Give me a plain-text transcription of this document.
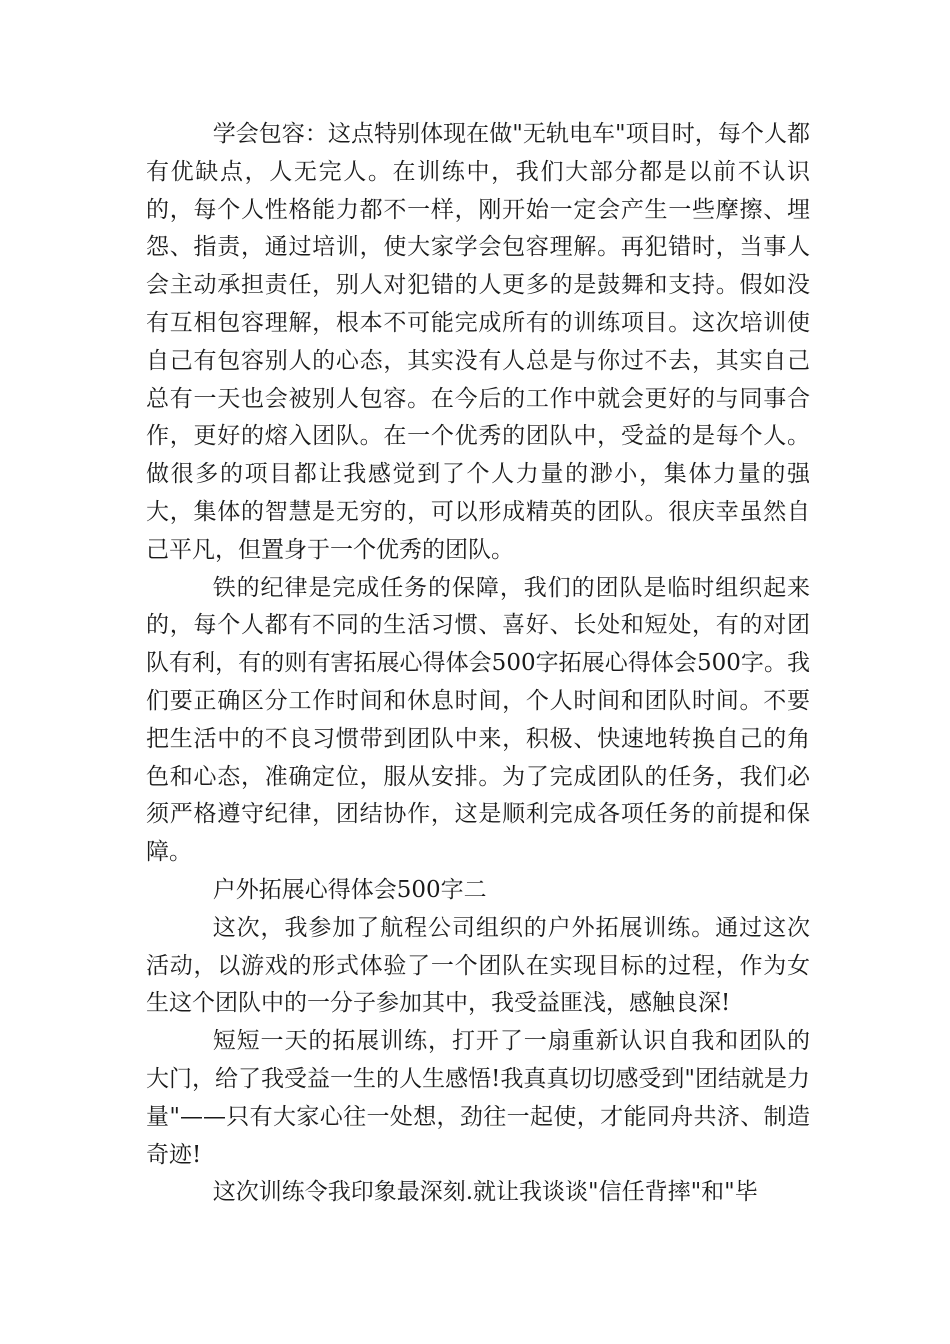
学会包容：这点特别体现在做"无轨电车"项目时，每个人都有优缺点，人无完人。在训练中，我们大部分都是以前不认识的，每个人性格能力都不一样，刚开始一定会产生一些摩擦、埋怨、指责，通过培训，使大家学会包容理解。再犯错时，当事人会主动承担责任，别人对犯错的人更多的是鼓舞和支持。假如没有互相包容理解，根本不可能完成所有的训练项目。这次培训使自己有包容别人的心态，其实没有人总是与你过不去，其实自己总有一天也会被别人包容。在今后的工作中就会更好的与同事合作，更好的熔入团队。在一个优秀的团队中，受益的是每个人。做很多的项目都让我感觉到了个人力量的渺小，集体力量的强大，集体的智慧是无穷的，可以形成精英的团队。很庆幸虽然自己平凡，但置身于一个优秀的团队。

铁的纪律是完成任务的保障，我们的团队是临时组织起来的，每个人都有不同的生活习惯、喜好、长处和短处，有的对团队有利，有的则有害拓展心得体会500字拓展心得体会500字。我们要正确区分工作时间和休息时间，个人时间和团队时间。不要把生活中的不良习惯带到团队中来，积极、快速地转换自己的角色和心态，准确定位，服从安排。为了完成团队的任务，我们必须严格遵守纪律，团结协作，这是顺利完成各项任务的前提和保障。

户外拓展心得体会500字二

这次，我参加了航程公司组织的户外拓展训练。通过这次活动，以游戏的形式体验了一个团队在实现目标的过程，作为女生这个团队中的一分子参加其中，我受益匪浅，感触良深!

短短一天的拓展训练，打开了一扇重新认识自我和团队的大门，给了我受益一生的人生感悟!我真真切切感受到"团结就是力量"——只有大家心往一处想，劲往一起使，才能同舟共济、制造奇迹!

这次训练令我印象最深刻.就让我谈谈"信任背摔"和"毕
